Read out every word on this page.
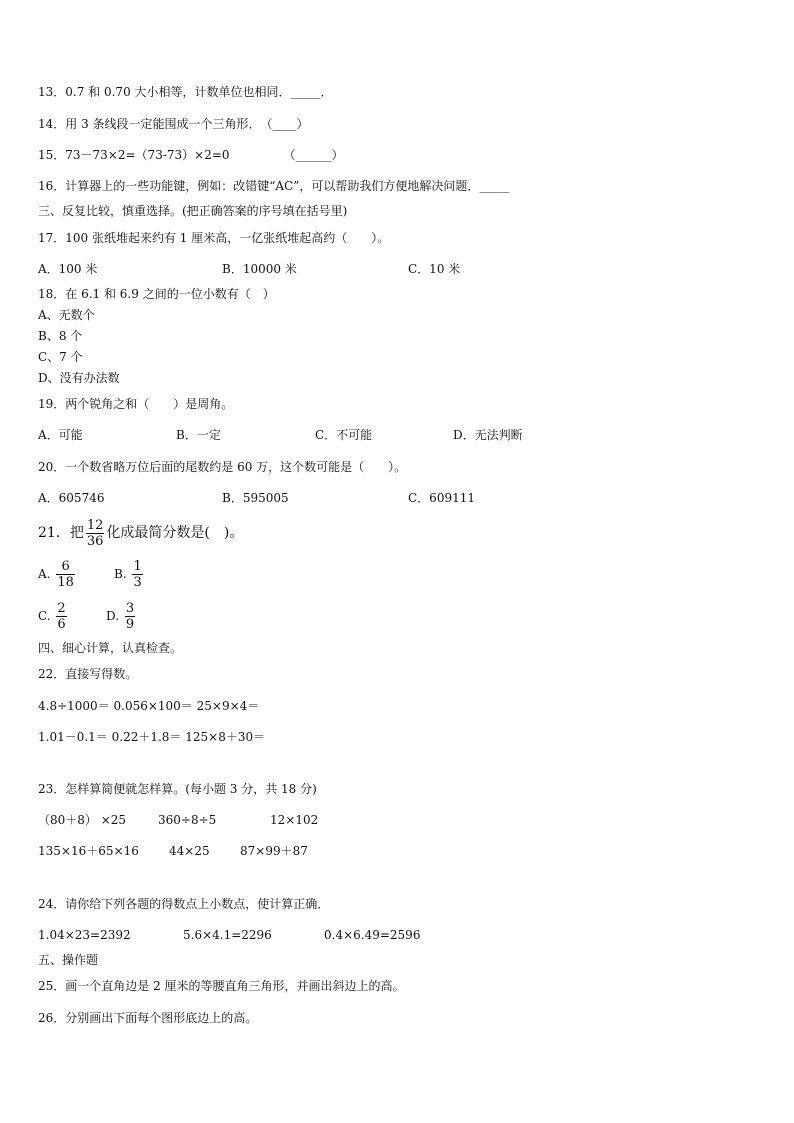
13．0.7 和 0.70 大小相等，计数单位也相同．_____．
14．用 3 条线段一定能围成一个三角形．　（____）
15．73－73×2=（73-73）×2=0　　　　　（______）
16．计算器上的一些功能键，例如：改错键“AC”，可以帮助我们方便地解决问题．_____
三、反复比较，慎重选择。(把正确答案的序号填在括号里)
17．100 张纸堆起来约有 1 厘米高，一亿张纸堆起高约（　　）。
A．100 米	B．10000 米	C．10 米
18．在 6.1 和 6.9 之间的一位小数有（　）
A、无数个
B、8 个
C、7 个
D、没有办法数
19．两个锐角之和（　　）是周角。
A．可能	B．一定	C．不可能	D．无法判断
20．一个数省略万位后面的尾数约是 60 万，这个数可能是（　　）。
A．605746	B．595005	C．609111
21．把 $\frac{12}{36}$ 化成最简分数是(　)。
A. $\frac{6}{18}$	B. $\frac{1}{3}$
C. $\frac{2}{6}$	D. $\frac{3}{9}$
四、细心计算，认真检查。
22．直接写得数。
4.8÷1000＝ 0.056×100＝ 25×9×4＝
1.01－0.1＝ 0.22＋1.8＝ 125×8＋30＝
23．怎样算简便就怎样算。(每小题 3 分，共 18 分)
（80＋8） ×25	360÷8÷5	12×102
135×16＋65×16	44×25	87×99＋87
24．请你给下列各题的得数点上小数点，使计算正确．
1.04×23=2392	5.6×4.1=2296	0.4×6.49=2596
五、操作题
25．画一个直角边是 2 厘米的等腰直角三角形，并画出斜边上的高。
26．分别画出下面每个图形底边上的高。
